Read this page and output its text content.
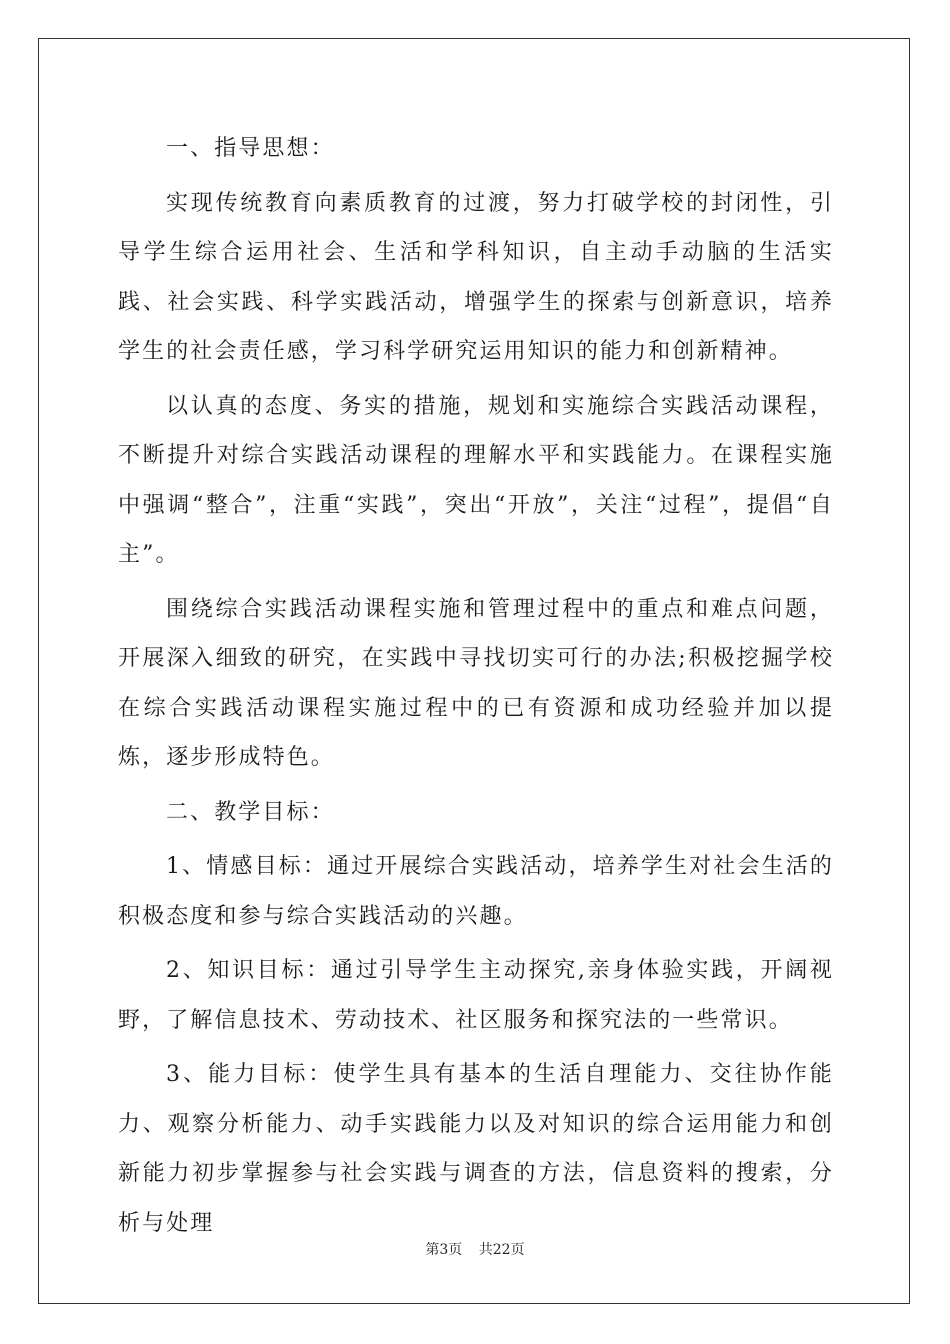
一、指导思想：

实现传统教育向素质教育的过渡，努力打破学校的封闭性，引导学生综合运用社会、生活和学科知识，自主动手动脑的生活实践、社会实践、科学实践活动，增强学生的探索与创新意识，培养学生的社会责任感，学习科学研究运用知识的能力和创新精神。

以认真的态度、务实的措施，规划和实施综合实践活动课程，不断提升对综合实践活动课程的理解水平和实践能力。在课程实施中强调“整合”，注重“实践”，突出“开放”，关注“过程”，提倡“自主”。

围绕综合实践活动课程实施和管理过程中的重点和难点问题，开展深入细致的研究，在实践中寻找切实可行的办法;积极挖掘学校在综合实践活动课程实施过程中的已有资源和成功经验并加以提炼，逐步形成特色。

二、教学目标：

1、情感目标：通过开展综合实践活动，培养学生对社会生活的积极态度和参与综合实践活动的兴趣。

2、知识目标：通过引导学生主动探究,亲身体验实践，开阔视野，了解信息技术、劳动技术、社区服务和探究法的一些常识。

3、能力目标：使学生具有基本的生活自理能力、交往协作能力、观察分析能力、动手实践能力以及对知识的综合运用能力和创新能力初步掌握参与社会实践与调查的方法，信息资料的搜索，分析与处理

第3页 共22页
